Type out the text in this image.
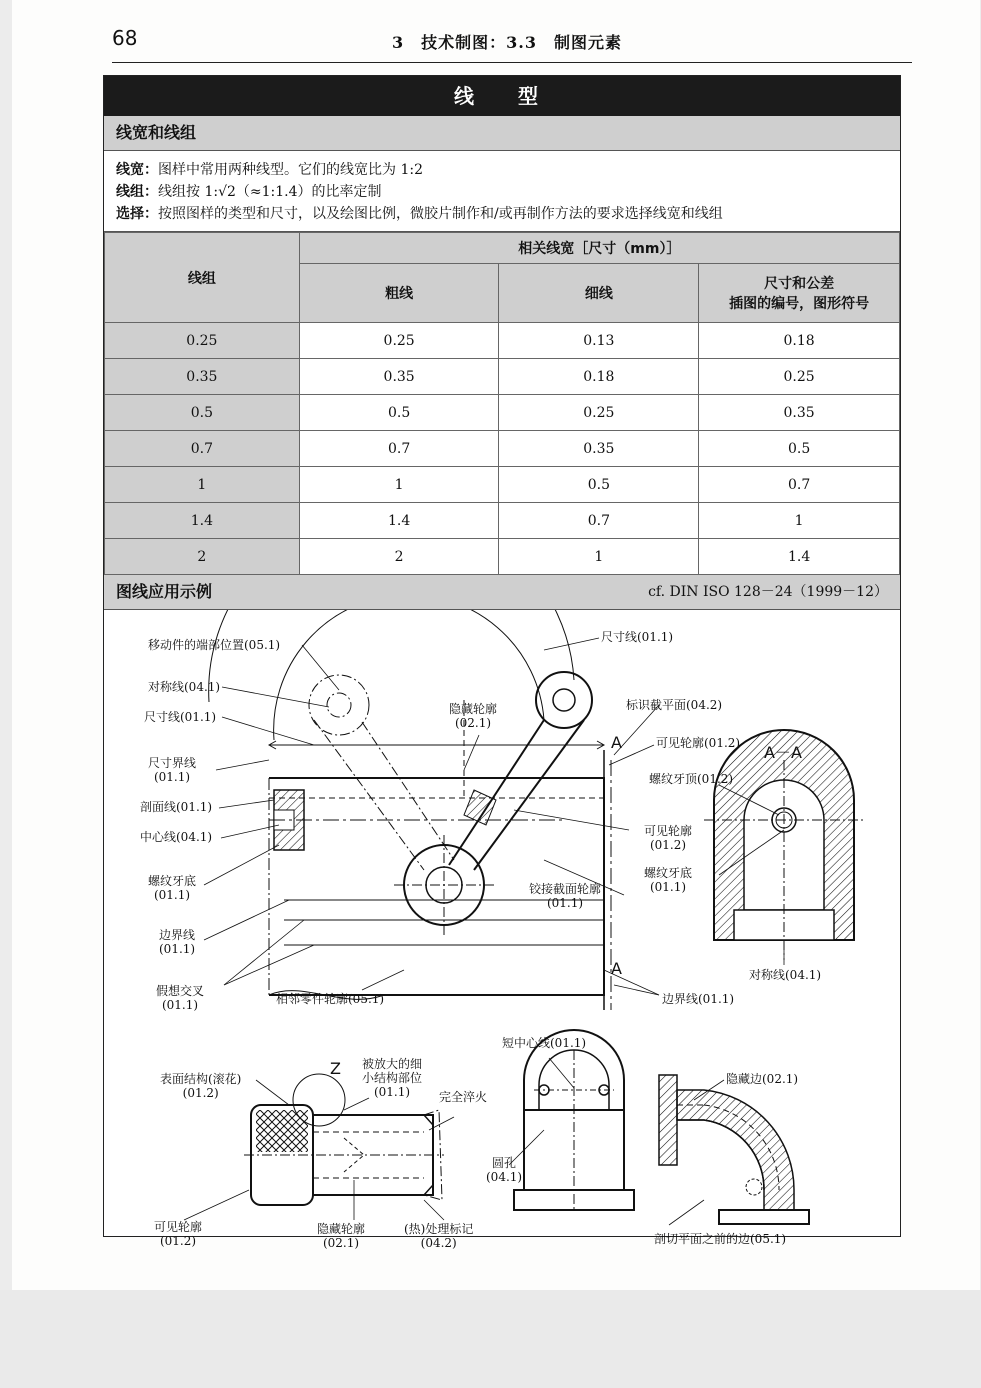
68	3　技术制图：3.3　制图元素
线　型
线宽和线组
线宽：图样中常用两种线型。它们的线宽比为 1:2
线组：线组按 1:√2（≈1:1.4）的比率定制
选择：按照图样的类型和尺寸，以及绘图比例，微胶片制作和/或再制作方法的要求选择线宽和线组
线组	相关线宽［尺寸（mm）］		
	粗线	细线	尺寸和公差
插图的编号，图形符号

0.25	0.25	0.13	0.18
0.35	0.35	0.18	0.25
0.5	0.5	0.25	0.35
0.7	0.7	0.35	0.5
1	1	0.5	0.7
1.4	1.4	0.7	1
2	2	1	1.4
图线应用示例	cf. DIN ISO 128－24（1999－12）
移动件的端部位置(05.1)
尺寸线(01.1)
对称线(04.1)
尺寸线(01.1)
隐藏轮廓
(02.1)
标识截平面(04.2)
A	可见轮廓(01.2) A－A
尺寸界线
(01.1)	螺纹牙顶(01.2)
剖面线(01.1)
中心线(04.1)	可见轮廓
(01.2)
螺纹牙底
(01.1)	铰接截面轮廓
(01.1)
螺纹牙底
(01.1)
边界线
(01.1)
A	对称线(04.1)
假想交叉
(01.1)	相邻零件轮廓(05.1)	边界线(01.1)
短中心线(01.1)
Z 被放大的细
小结构部位
(01.1)
表面结构(滚花)
(01.2)	完全淬火
隐藏边(02.1)
圆孔
(04.1)
可见轮廓
(01.2)
隐藏轮廓
(02.1)
(热)处理标记
(04.2)	剖切平面之前的边(05.1)
